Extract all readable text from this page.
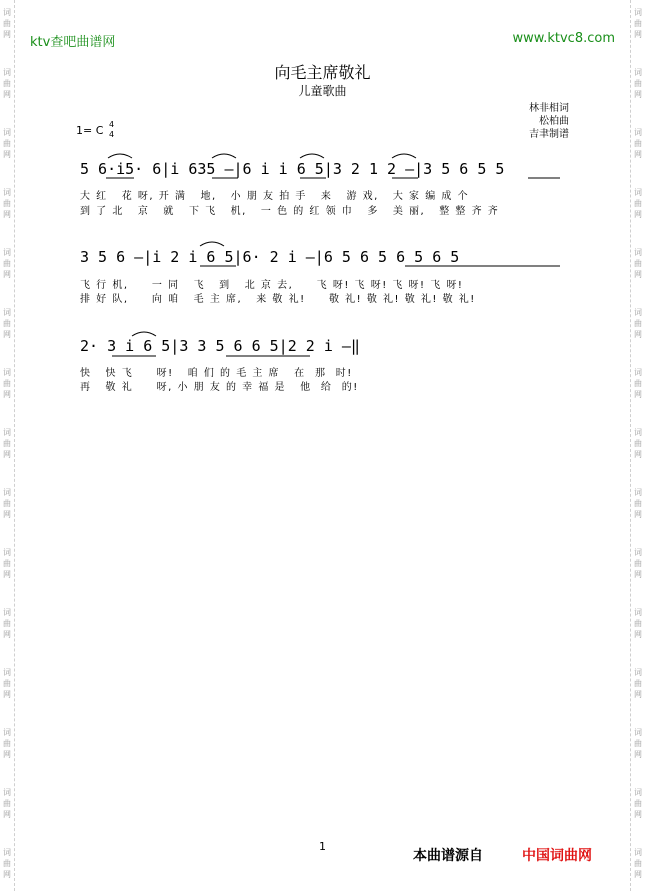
词
曲
网
词
曲
网
词
曲
网
词
曲
网
词
曲
网
词
曲
网
词
曲
网
词
曲
网
词
曲
网
词
曲
网
词
曲
网
词
曲
网
词
曲
网
词
曲
网
词
曲
网
词
曲
网
词
曲
网
词
曲
网
词
曲
网
词
曲
网
词
曲
网
词
曲
网
词
曲
网
词
曲
网
词
曲
网
词
曲
网
词
曲
网
词
曲
网
词
曲
网
词
曲
网
ktv查吧曲谱网	www.ktvc8.com
向毛主席敬礼
儿童歌曲
林非相词
松柏曲
吉聿制谱
1= C 4
4
5 6·i5· 6|i 635 —|6 i i 6 5|3 2 1 2 —|3 5 6 5 5
大 红   花 呀, 开 满   地,   小 朋 友 拍 手   来   游 戏,   大 家 编 成 个
到 了 北   京   就   下 飞   机,   一 色 的 红 领 巾   多   美 丽,   整 整 齐 齐
3 5 6 —|i 2 i 6 5|6· 2 i —|6 5 6 5 6 5 6 5
飞 行 机,     一 同   飞   到   北 京 去,     飞 呀! 飞 呀! 飞 呀! 飞 呀!
排 好 队,     向 咱   毛 主 席,   来 敬 礼!     敬 礼! 敬 礼! 敬 礼! 敬 礼!
2· 3 i 6 5|3 3 5 6 6 5|2 2 i —‖
快   快 飞     呀!   咱 们 的 毛 主 席   在  那  时!
再   敬 礼     呀, 小 朋 友 的 幸 福 是   他  给  的!
1
本曲谱源自	中国词曲网
